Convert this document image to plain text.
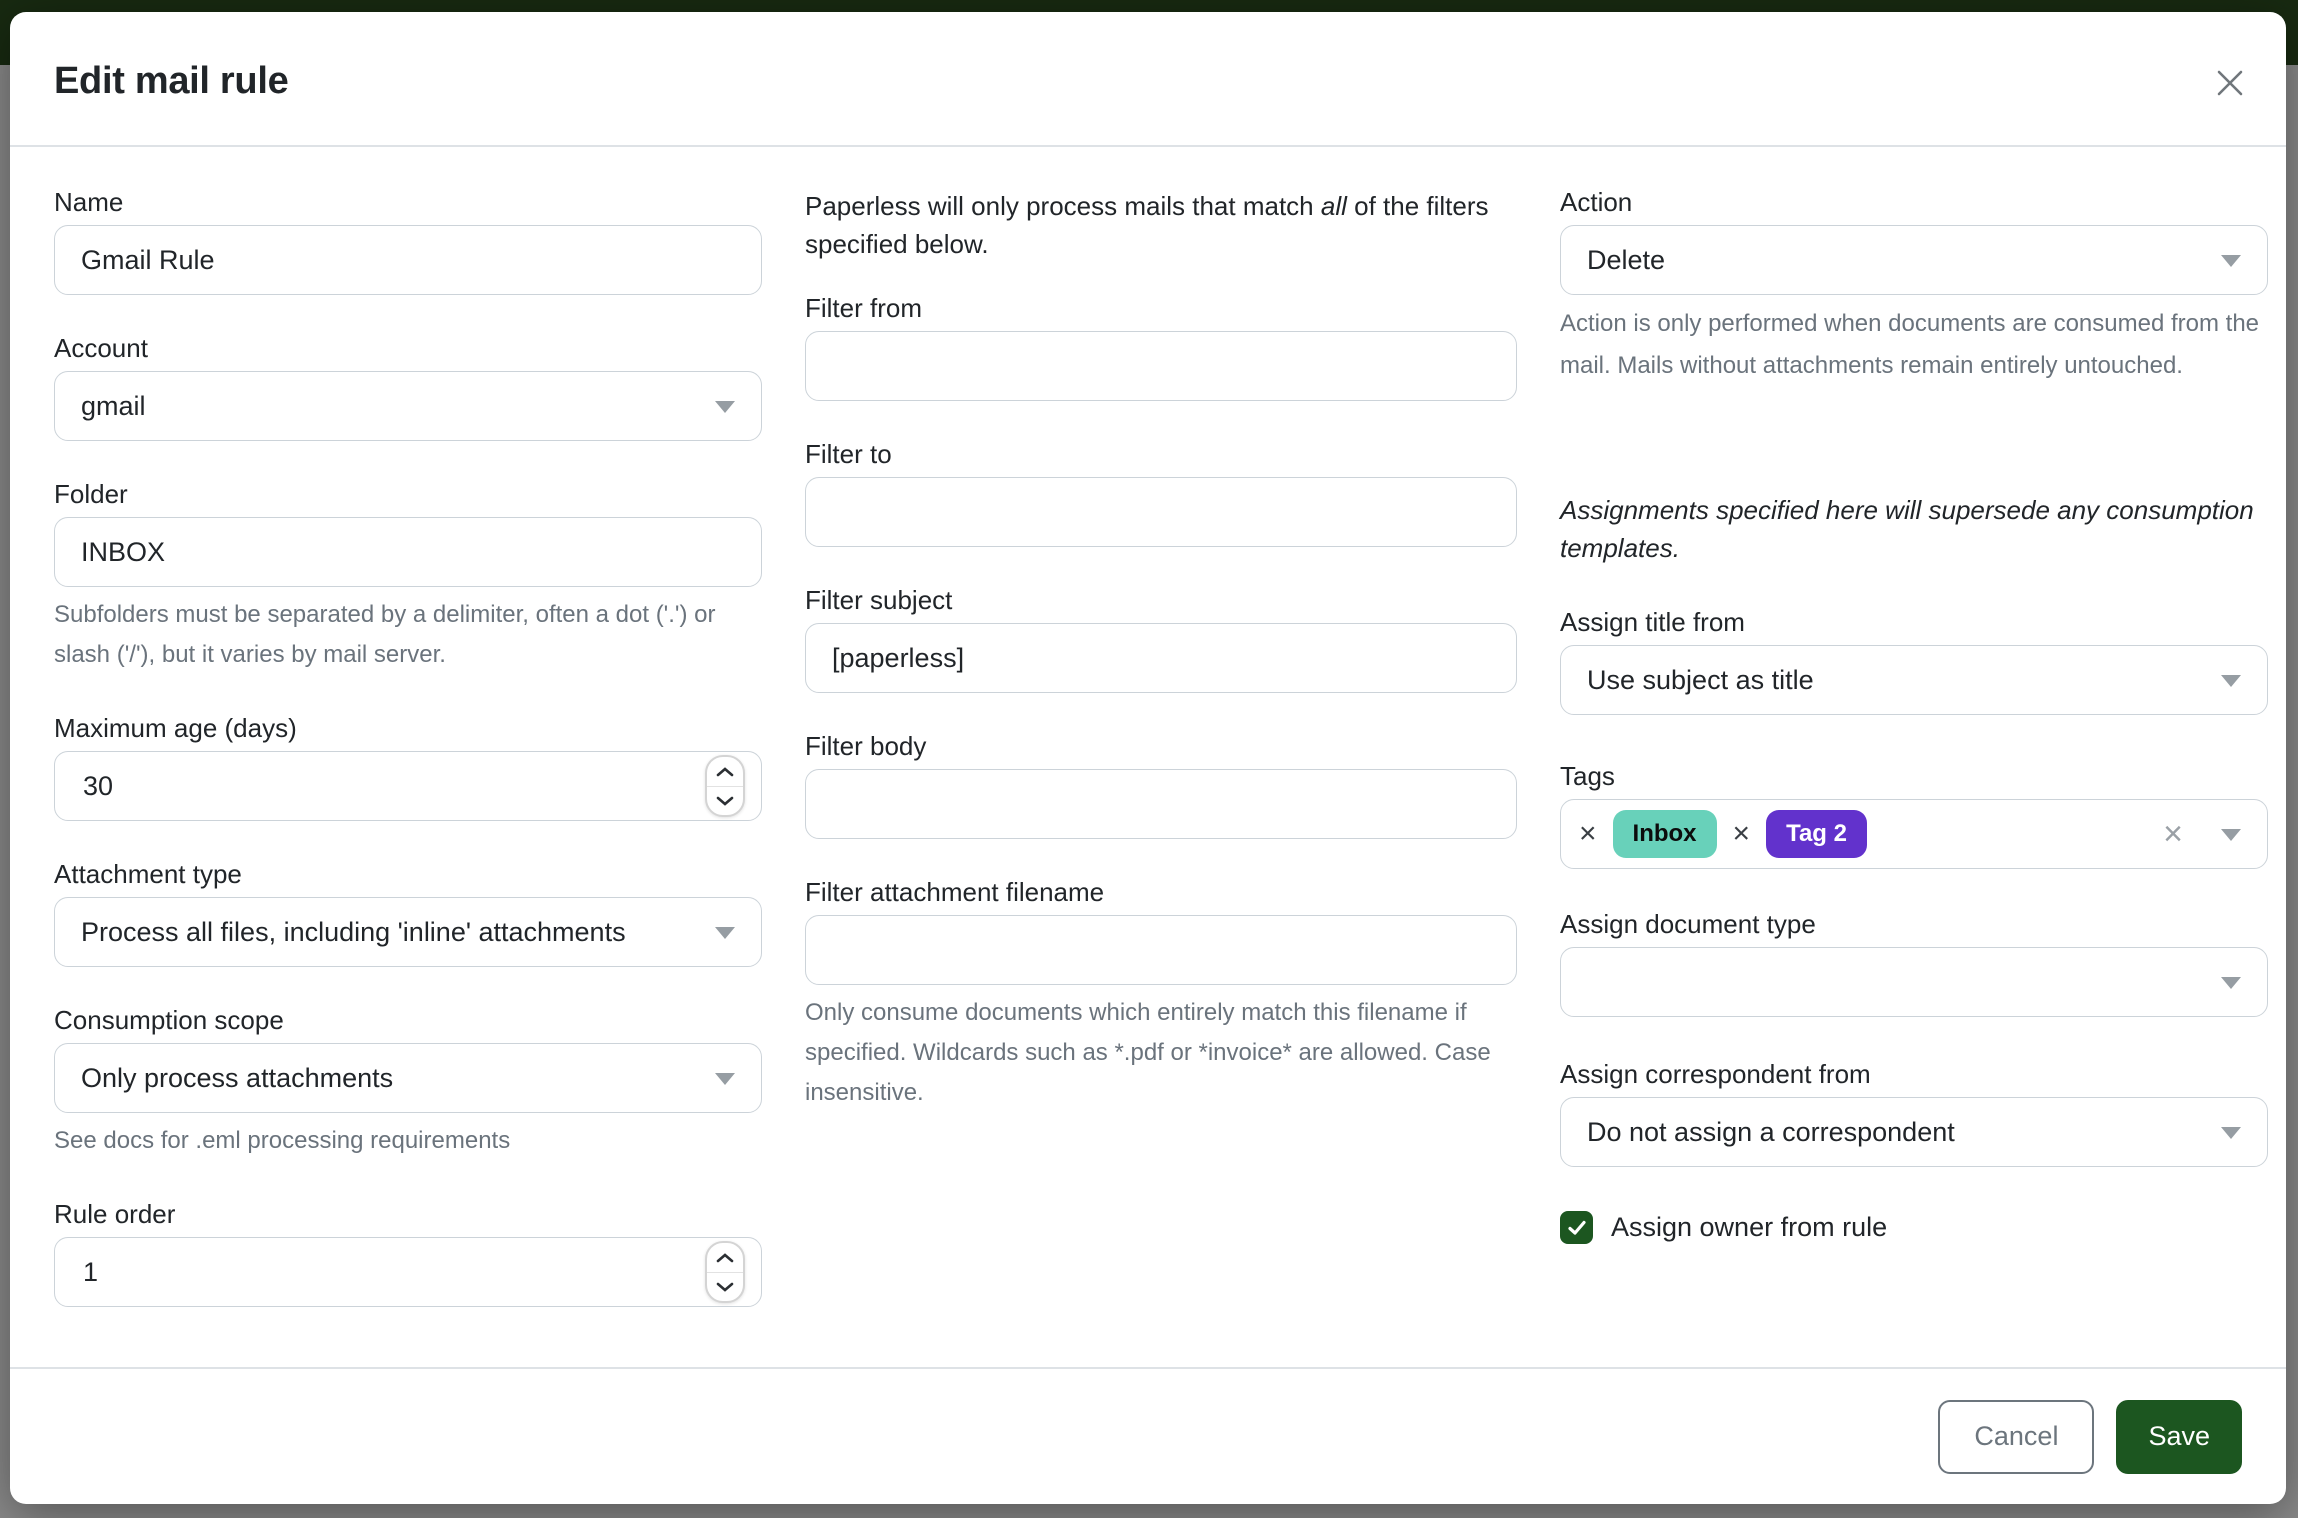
Edit mail rule
Name
Gmail Rule
Account
gmail
Folder
INBOX
Subfolders must be separated by a delimiter, often a dot ('.') or slash ('/'), but it varies by mail server.
Maximum age (days)
30
Attachment type
Process all files, including 'inline' attachments
Consumption scope
Only process attachments
See docs for .eml processing requirements
Rule order
1
Paperless will only process mails that match all of the filters specified below.
Filter from
Filter to
Filter subject
[paperless]
Filter body
Filter attachment filename
Only consume documents which entirely match this filename if specified. Wildcards such as *.pdf or *invoice* are allowed. Case insensitive.
Action
Delete
Action is only performed when documents are consumed from the mail. Mails without attachments remain entirely untouched.
Assignments specified here will supersede any consumption templates.
Assign title from
Use subject as title
Tags
×	Inbox	×	Tag 2	×
Assign document type
Assign correspondent from
Do not assign a correspondent
Assign owner from rule
Cancel	Save
